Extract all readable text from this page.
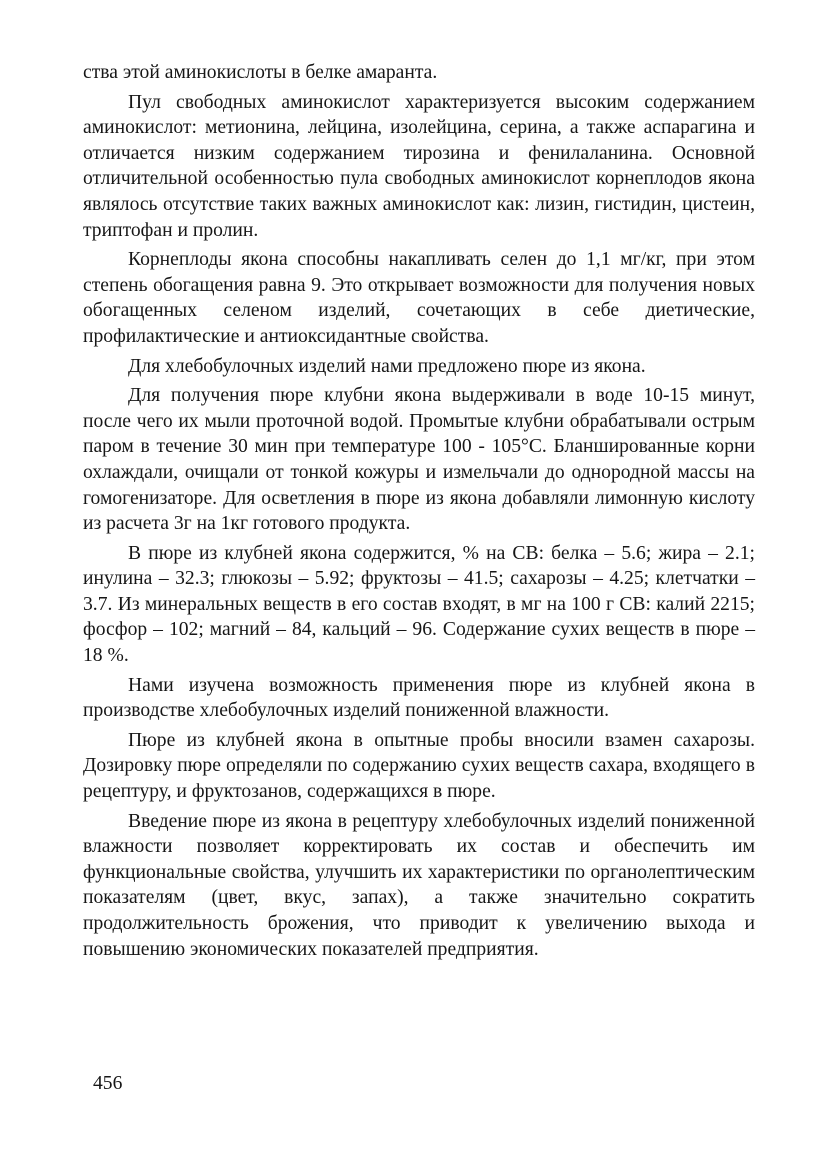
ства этой аминокислоты в белке амаранта.

Пул свободных аминокислот характеризуется высоким содержанием аминокислот: метионина, лейцина, изолейцина, серина, а также аспарагина и отличается низким содержанием тирозина и фенилаланина. Основной отличительной особенностью пула свободных аминокислот корнеплодов якона являлось отсутствие таких важных аминокислот как: лизин, гистидин, цистеин, триптофан и пролин.

Корнеплоды якона способны накапливать селен до 1,1 мг/кг, при этом степень обогащения равна 9. Это открывает возможности для получения новых обогащенных селеном изделий, сочетающих в себе диетические, профилактические и антиоксидантные свойства.

Для хлебобулочных изделий нами предложено пюре из якона.

Для получения пюре клубни якона выдерживали в воде 10-15 минут, после чего их мыли проточной водой. Промытые клубни обрабатывали острым паром в течение 30 мин при температуре 100 - 105°С. Бланшированные корни охлаждали, очищали от тонкой кожуры и измельчали до однородной массы на гомогенизаторе. Для осветления в пюре из якона добавляли лимонную кислоту из расчета 3г на 1кг готового продукта.

В пюре из клубней якона содержится, % на СВ: белка – 5.6; жира – 2.1; инулина – 32.3; глюкозы – 5.92; фруктозы – 41.5; сахарозы – 4.25; клетчатки – 3.7. Из минеральных веществ в его состав входят, в мг на 100 г СВ: калий 2215; фосфор – 102; магний – 84, кальций – 96. Содержание сухих веществ в пюре – 18 %.

Нами изучена возможность применения пюре из клубней якона в производстве хлебобулочных изделий пониженной влажности.

Пюре из клубней якона в опытные пробы вносили взамен сахарозы. Дозировку пюре определяли по содержанию сухих веществ сахара, входящего в рецептуру, и фруктозанов, содержащихся в пюре.

Введение пюре из якона в рецептуру хлебобулочных изделий пониженной влажности позволяет корректировать их состав и обеспечить им функциональные свойства, улучшить их характеристики по органолептическим показателям (цвет, вкус, запах), а также значительно сократить продолжительность брожения, что приводит к увеличению выхода и повышению экономических показателей предприятия.

456
